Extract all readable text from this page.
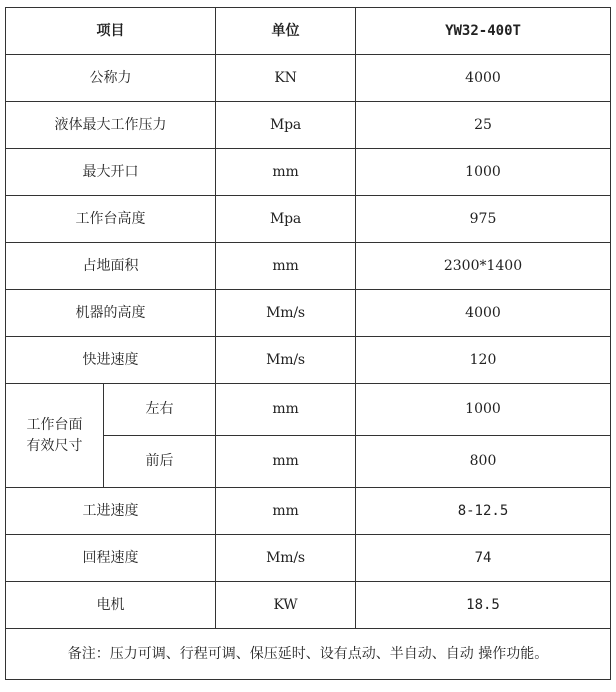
项目		单位	YW32-400T
公称力		KN	4000
液体最大工作压力		Mpa	25
最大开口		mm	1000
工作台高度		Mpa	975
占地面积		mm	2300*1400
机器的高度		Mm/s	4000
快进速度		Mm/s	120

工作台面
有效尺寸	左右	mm	1000
	前后	mm	800
工进速度		mm	8-12.5
回程速度		Mm/s	74
电机		KW	18.5
备注：压力可调、行程可调、保压延时、设有点动、半自动、自动 操作功能。			
